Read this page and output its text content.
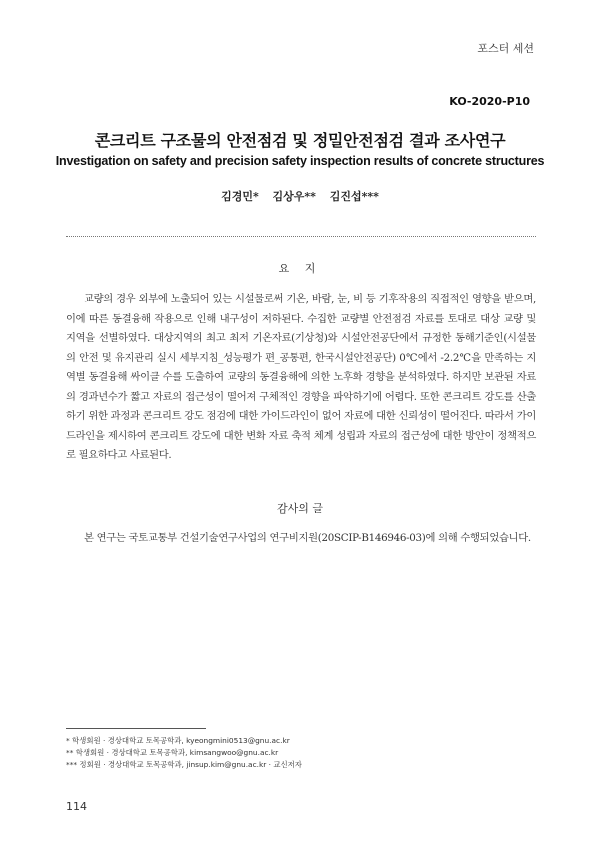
포스터 세션
KO-2020-P10
콘크리트 구조물의 안전점검 및 정밀안전점검 결과 조사연구
Investigation on safety and precision safety inspection results of concrete structures
김경민* 김상우** 김진섭***
요 지
교량의 경우 외부에 노출되어 있는 시설물로써 기온, 바람, 눈, 비 등 기후작용의 직접적인 영향을 받으며, 이에 따른 동결융해 작용으로 인해 내구성이 저하된다. 수집한 교량별 안전점검 자료를 토대로 대상 교량 및 지역을 선별하였다. 대상지역의 최고 최저 기온자료(기상청)와 시설안전공단에서 규정한 동해기준인(시설물의 안전 및 유지관리 실시 세부지침_성능평가 편_공통편, 한국시설안전공단) 0℃에서 -2.2℃을 만족하는 지역별 동결융해 싸이클 수를 도출하여 교량의 동결융해에 의한 노후화 경향을 분석하였다. 하지만 보관된 자료의 경과년수가 짧고 자료의 접근성이 떨어져 구체적인 경향을 파악하기에 어렵다. 또한 콘크리트 강도를 산출하기 위한 과정과 콘크리트 강도 점검에 대한 가이드라인이 없어 자료에 대한 신뢰성이 떨어진다. 따라서 가이드라인을 제시하여 콘크리트 강도에 대한 변화 자료 축적 체계 성립과 자료의 접근성에 대한 방안이 정책적으로 필요하다고 사료된다.
감사의 글
본 연구는 국토교통부 건설기술연구사업의 연구비지원(20SCIP-B146946-03)에 의해 수행되었습니다.
* 학생회원 · 경상대학교 토목공학과, kyeongmini0513@gnu.ac.kr
** 학생회원 · 경상대학교 토목공학과, kimsangwoo@gnu.ac.kr
*** 정회원 · 경상대학교 토목공학과, jinsup.kim@gnu.ac.kr · 교신저자
114
